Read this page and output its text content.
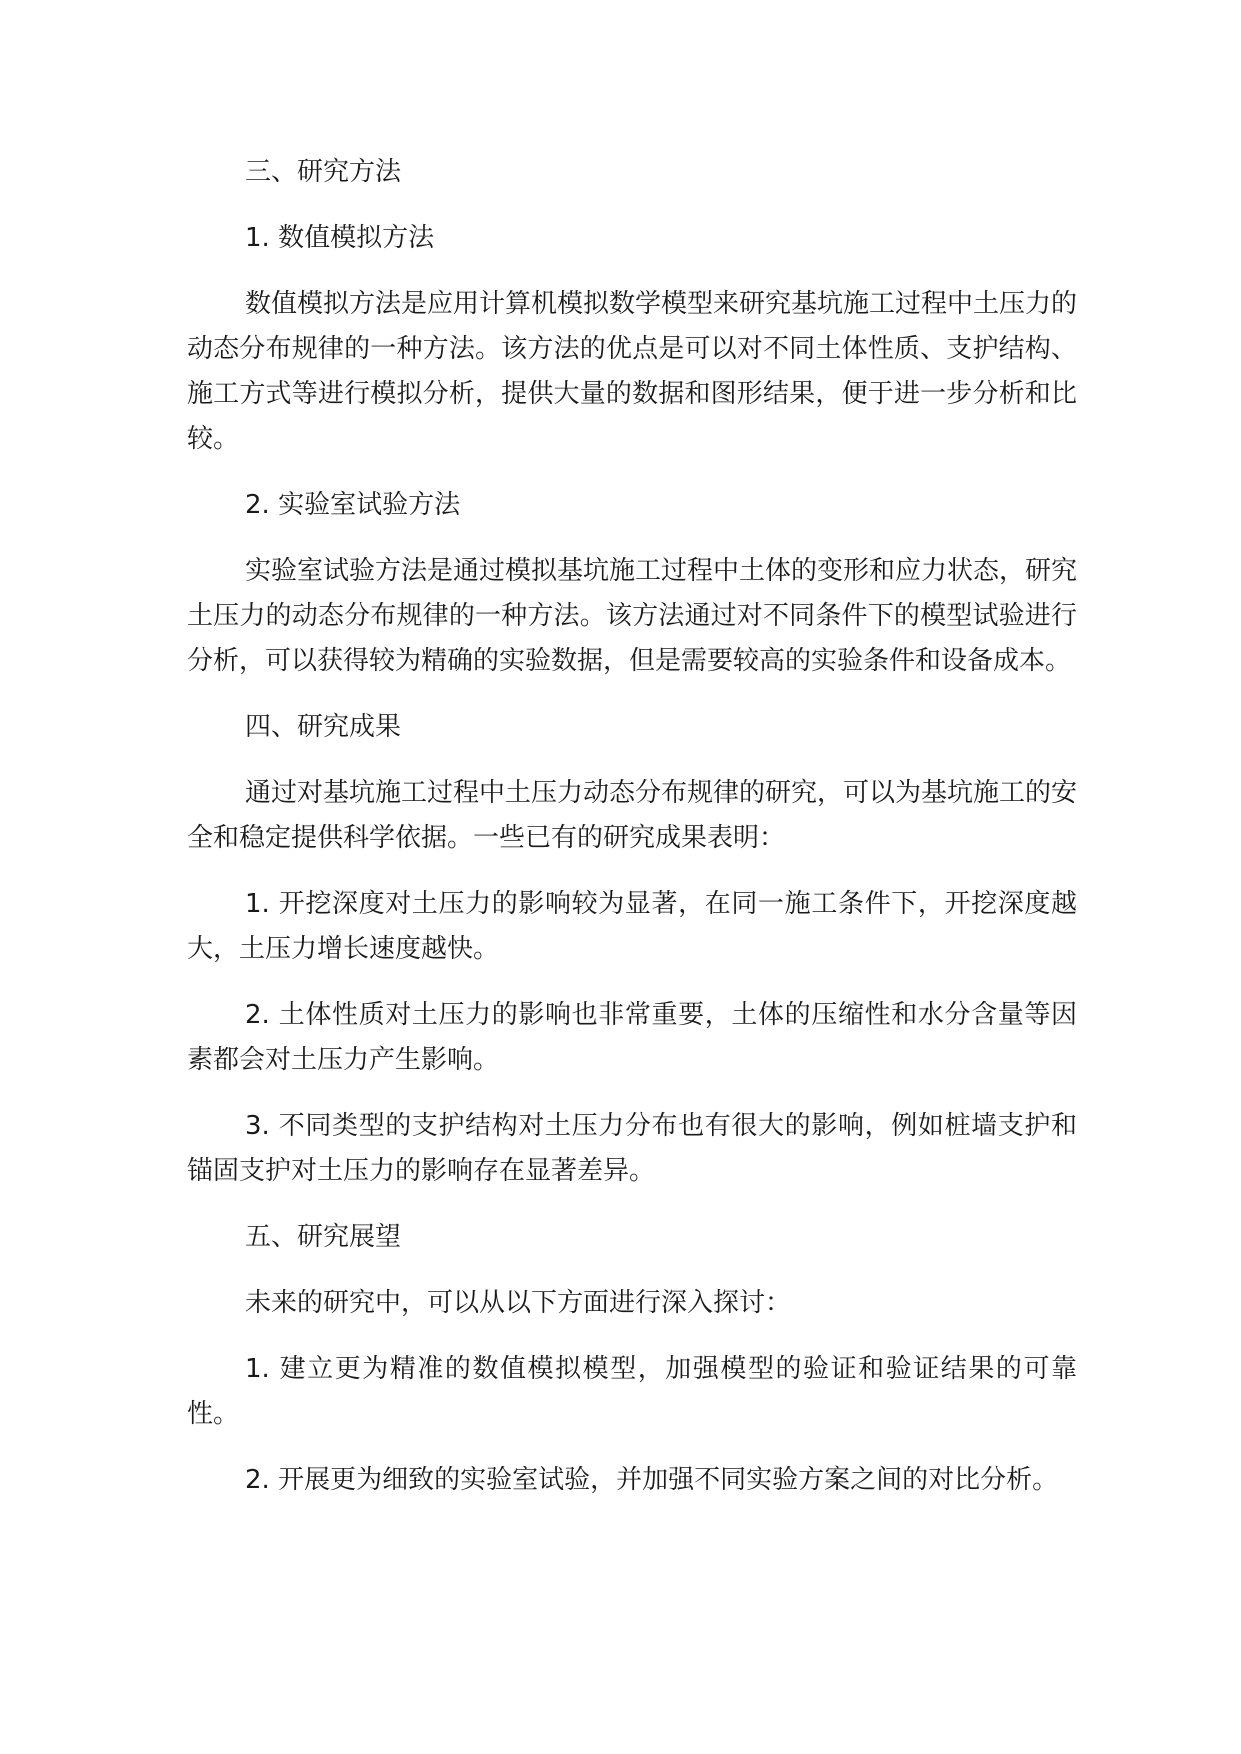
三、研究方法

1. 数值模拟方法

数值模拟方法是应用计算机模拟数学模型来研究基坑施工过程中土压力的动态分布规律的一种方法。该方法的优点是可以对不同土体性质、支护结构、施工方式等进行模拟分析，提供大量的数据和图形结果，便于进一步分析和比较。

2. 实验室试验方法

实验室试验方法是通过模拟基坑施工过程中土体的变形和应力状态，研究土压力的动态分布规律的一种方法。该方法通过对不同条件下的模型试验进行分析，可以获得较为精确的实验数据，但是需要较高的实验条件和设备成本。

四、研究成果

通过对基坑施工过程中土压力动态分布规律的研究，可以为基坑施工的安全和稳定提供科学依据。一些已有的研究成果表明：

1. 开挖深度对土压力的影响较为显著，在同一施工条件下，开挖深度越大，土压力增长速度越快。

2. 土体性质对土压力的影响也非常重要，土体的压缩性和水分含量等因素都会对土压力产生影响。

3. 不同类型的支护结构对土压力分布也有很大的影响，例如桩墙支护和锚固支护对土压力的影响存在显著差异。

五、研究展望

未来的研究中，可以从以下方面进行深入探讨：

1. 建立更为精准的数值模拟模型，加强模型的验证和验证结果的可靠性。

2. 开展更为细致的实验室试验，并加强不同实验方案之间的对比分析。
